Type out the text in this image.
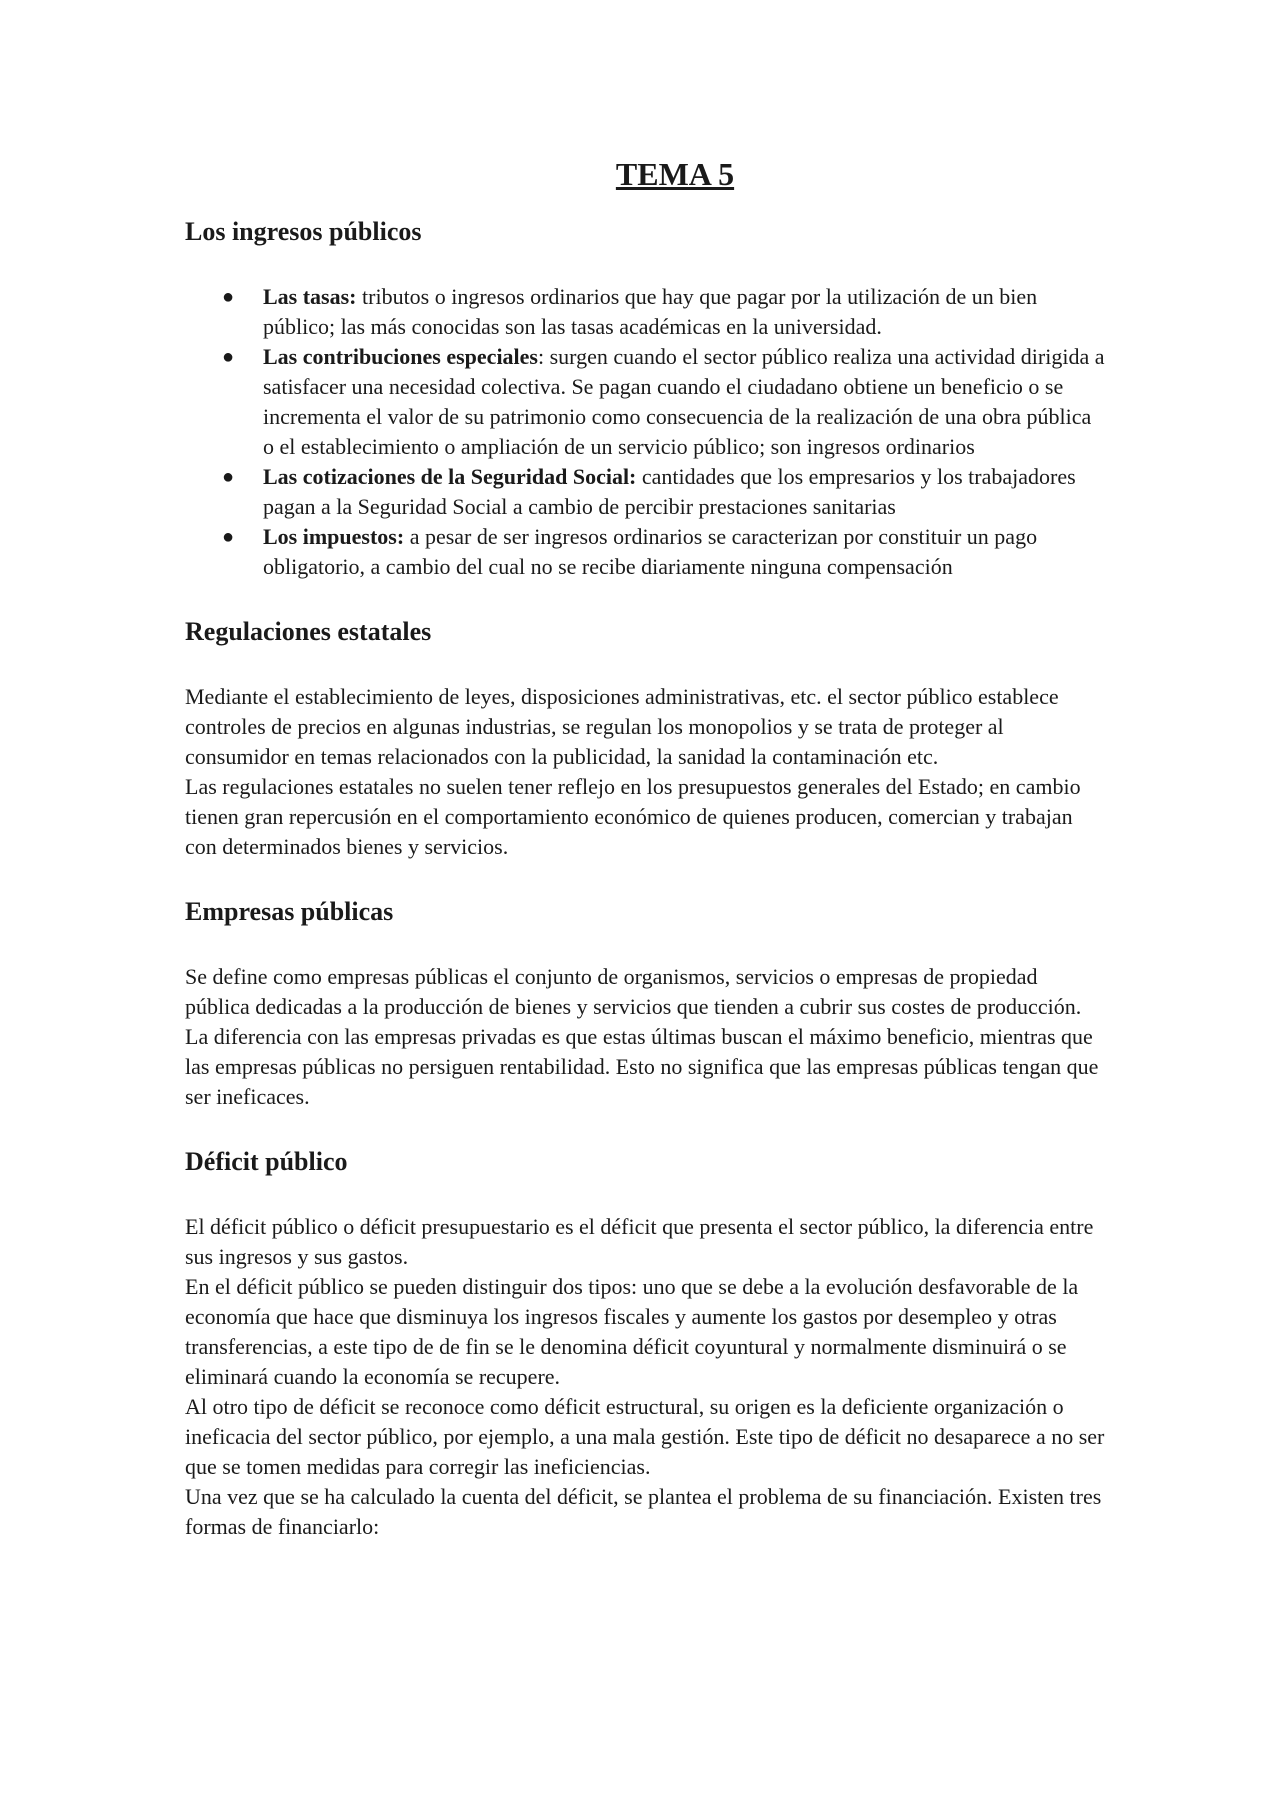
TEMA 5
Los ingresos públicos
● Las tasas: tributos o ingresos ordinarios que hay que pagar por la utilización de un bien público; las más conocidas son las tasas académicas en la universidad.
● Las contribuciones especiales: surgen cuando el sector público realiza una actividad dirigida a satisfacer una necesidad colectiva. Se pagan cuando el ciudadano obtiene un beneficio o se incrementa el valor de su patrimonio como consecuencia de la realización de una obra pública o el establecimiento o ampliación de un servicio público; son ingresos ordinarios
● Las cotizaciones de la Seguridad Social: cantidades que los empresarios y los trabajadores pagan a la Seguridad Social a cambio de percibir prestaciones sanitarias
● Los impuestos: a pesar de ser ingresos ordinarios se caracterizan por constituir un pago obligatorio, a cambio del cual no se recibe diariamente ninguna compensación
Regulaciones estatales

Mediante el establecimiento de leyes, disposiciones administrativas, etc. el sector público establece controles de precios en algunas industrias, se regulan los monopolios y se trata de proteger al consumidor en temas relacionados con la publicidad, la sanidad la contaminación etc.

Las regulaciones estatales no suelen tener reflejo en los presupuestos generales del Estado; en cambio tienen gran repercusión en el comportamiento económico de quienes producen, comercian y trabajan con determinados bienes y servicios.

Empresas públicas

Se define como empresas públicas el conjunto de organismos, servicios o empresas de propiedad pública dedicadas a la producción de bienes y servicios que tienden a cubrir sus costes de producción. La diferencia con las empresas privadas es que estas últimas buscan el máximo beneficio, mientras que las empresas públicas no persiguen rentabilidad. Esto no significa que las empresas públicas tengan que ser ineficaces.

Déficit público

El déficit público o déficit presupuestario es el déficit que presenta el sector público, la diferencia entre sus ingresos y sus gastos.

En el déficit público se pueden distinguir dos tipos: uno que se debe a la evolución desfavorable de la economía que hace que disminuya los ingresos fiscales y aumente los gastos por desempleo y otras transferencias, a este tipo de de fin se le denomina déficit coyuntural y normalmente disminuirá o se eliminará cuando la economía se recupere.

Al otro tipo de déficit se reconoce como déficit estructural, su origen es la deficiente organización o ineficacia del sector público, por ejemplo, a una mala gestión. Este tipo de déficit no desaparece a no ser que se tomen medidas para corregir las ineficiencias.

Una vez que se ha calculado la cuenta del déficit, se plantea el problema de su financiación. Existen tres formas de financiarlo:
